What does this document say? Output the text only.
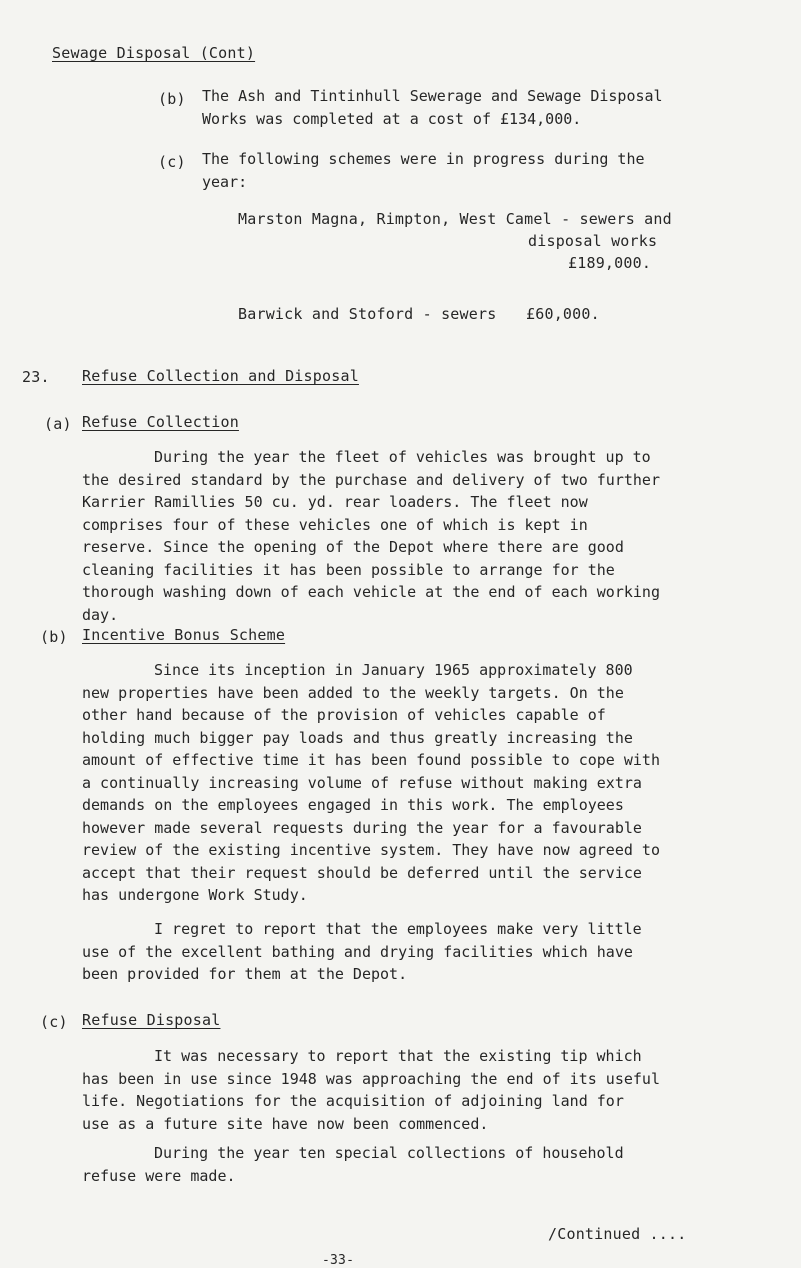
Sewage Disposal (Cont)
(b) The Ash and Tintinhull Sewerage and Sewage Disposal
Works was completed at a cost of £134,000.
(c) The following schemes were in progress during the
year:
Marston Magna, Rimpton, West Camel - sewers and
disposal works
£189,000.
Barwick and Stoford - sewers £60,000.
23. Refuse Collection and Disposal
(a) Refuse Collection
During the year the fleet of vehicles was brought up to
the desired standard by the purchase and delivery of two further
Karrier Ramillies 50 cu. yd. rear loaders. The fleet now
comprises four of these vehicles one of which is kept in
reserve. Since the opening of the Depot where there are good
cleaning facilities it has been possible to arrange for the
thorough washing down of each vehicle at the end of each working
day.
(b) Incentive Bonus Scheme
Since its inception in January 1965 approximately 800
new properties have been added to the weekly targets. On the
other hand because of the provision of vehicles capable of
holding much bigger pay loads and thus greatly increasing the
amount of effective time it has been found possible to cope with
a continually increasing volume of refuse without making extra
demands on the employees engaged in this work. The employees
however made several requests during the year for a favourable
review of the existing incentive system. They have now agreed to
accept that their request should be deferred until the service
has undergone Work Study.
I regret to report that the employees make very little
use of the excellent bathing and drying facilities which have
been provided for them at the Depot.
(c) Refuse Disposal
It was necessary to report that the existing tip which
has been in use since 1948 was approaching the end of its useful
life. Negotiations for the acquisition of adjoining land for
use as a future site have now been commenced.
During the year ten special collections of household
refuse were made.
/Continued ....
-33-
